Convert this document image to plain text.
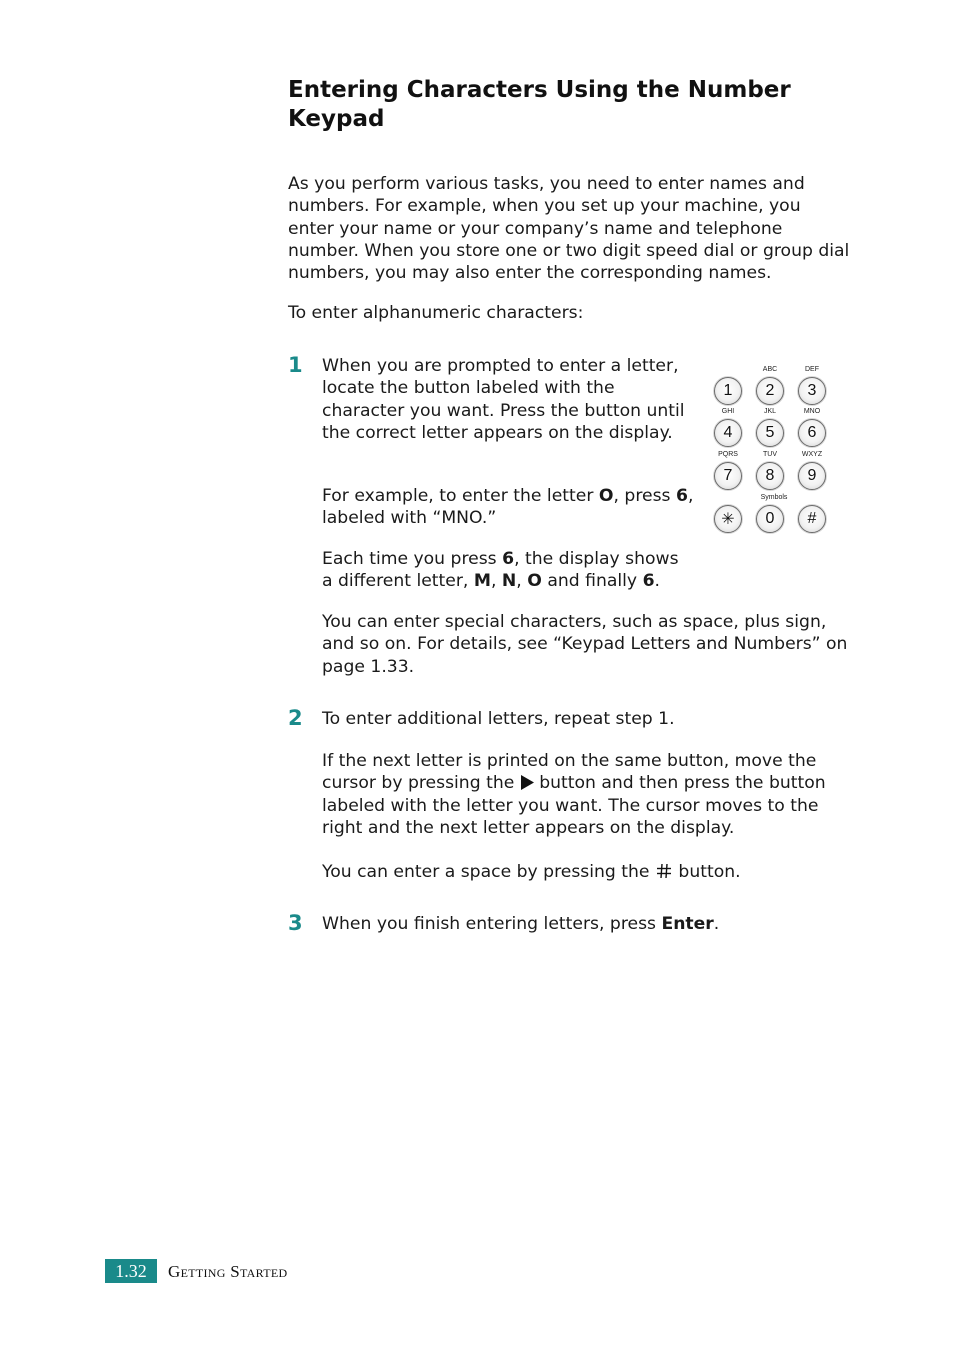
Entering Characters Using the Number Keypad

As you perform various tasks, you need to enter names and numbers. For example, when you set up your machine, you enter your name or your company’s name and telephone number. When you store one or two digit speed dial or group dial numbers, you may also enter the corresponding names.

To enter alphanumeric characters:

1 When you are prompted to enter a letter, locate the button labeled with the character you want. Press the button until the correct letter appears on the display.

For example, to enter the letter O, press 6, labeled with “MNO.”

Each time you press 6, the display shows a different letter, M, N, O and finally 6.

You can enter special characters, such as space, plus sign, and so on. For details, see “Keypad Letters and Numbers” on page 1.33.

1
ABC
2
DEF
3
GHI
4
JKL
5
MNO
6
PQRS
7
TUV
8
WXYZ
9
✳
Symbols
0	#
2 To enter additional letters, repeat step 1.

If the next letter is printed on the same button, move the cursor by pressing the  button and then press the button labeled with the letter you want. The cursor moves to the right and the next letter appears on the display.

You can enter a space by pressing the  button.

3 When you finish entering letters, press Enter.

1.32	Getting Started
